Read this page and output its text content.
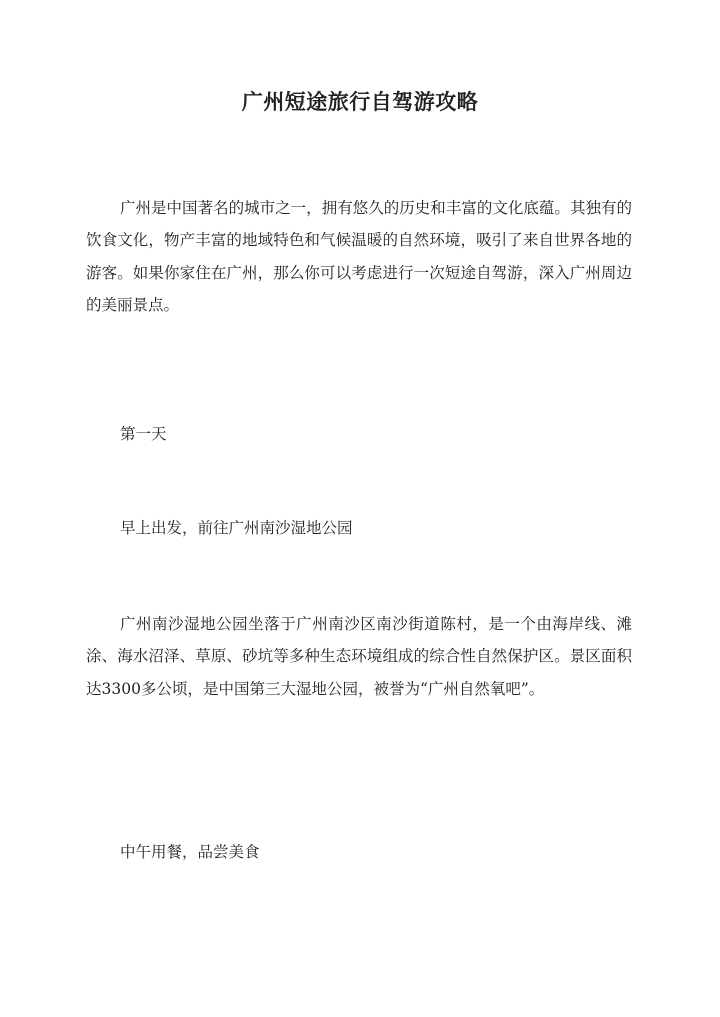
广州短途旅行自驾游攻略

广州是中国著名的城市之一，拥有悠久的历史和丰富的文化底蕴。其独有的饮食文化，物产丰富的地域特色和气候温暖的自然环境，吸引了来自世界各地的游客。如果你家住在广州，那么你可以考虑进行一次短途自驾游，深入广州周边的美丽景点。

第一天

早上出发，前往广州南沙湿地公园

广州南沙湿地公园坐落于广州南沙区南沙街道陈村，是一个由海岸线、滩涂、海水沼泽、草原、砂坑等多种生态环境组成的综合性自然保护区。景区面积达3300多公顷，是中国第三大湿地公园，被誉为“广州自然氧吧”。

中午用餐，品尝美食
